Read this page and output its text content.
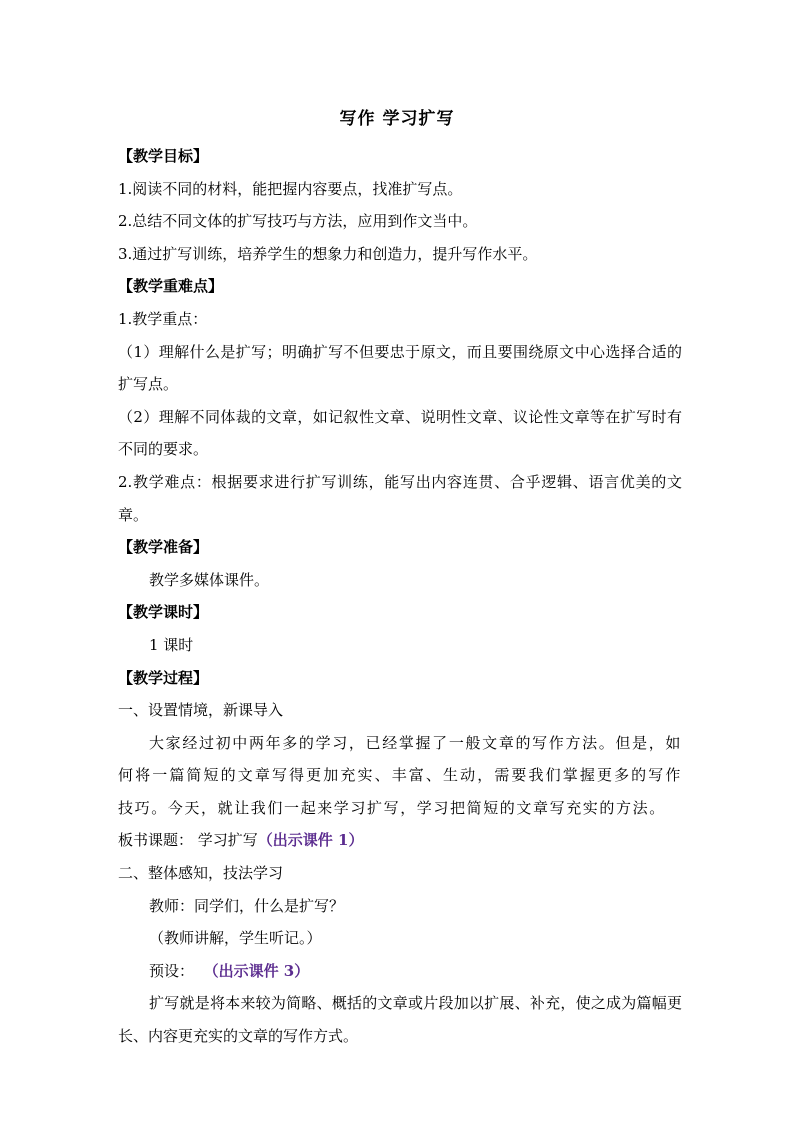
写作 学习扩写
【教学目标】
1.阅读不同的材料，能把握内容要点，找准扩写点。
2.总结不同文体的扩写技巧与方法，应用到作文当中。
3.通过扩写训练，培养学生的想象力和创造力，提升写作水平。
【教学重难点】
1.教学重点：
（1）理解什么是扩写；明确扩写不但要忠于原文，而且要围绕原文中心选择合适的扩写点。
（2）理解不同体裁的文章，如记叙性文章、说明性文章、议论性文章等在扩写时有不同的要求。
2.教学难点：根据要求进行扩写训练，能写出内容连贯、合乎逻辑、语言优美的文章。
【教学准备】
教学多媒体课件。
【教学课时】
1 课时
【教学过程】
一、设置情境，新课导入
大家经过初中两年多的学习，已经掌握了一般文章的写作方法。但是，如何将一篇简短的文章写得更加充实、丰富、生动，需要我们掌握更多的写作技巧。今天，就让我们一起来学习扩写，学习把简短的文章写充实的方法。
板书课题： 学习扩写（出示课件 1）
二、整体感知，技法学习
教师：同学们，什么是扩写？
（教师讲解，学生听记。）
预设： （出示课件 3）
扩写就是将本来较为简略、概括的文章或片段加以扩展、补充，使之成为篇幅更长、内容更充实的文章的写作方式。
